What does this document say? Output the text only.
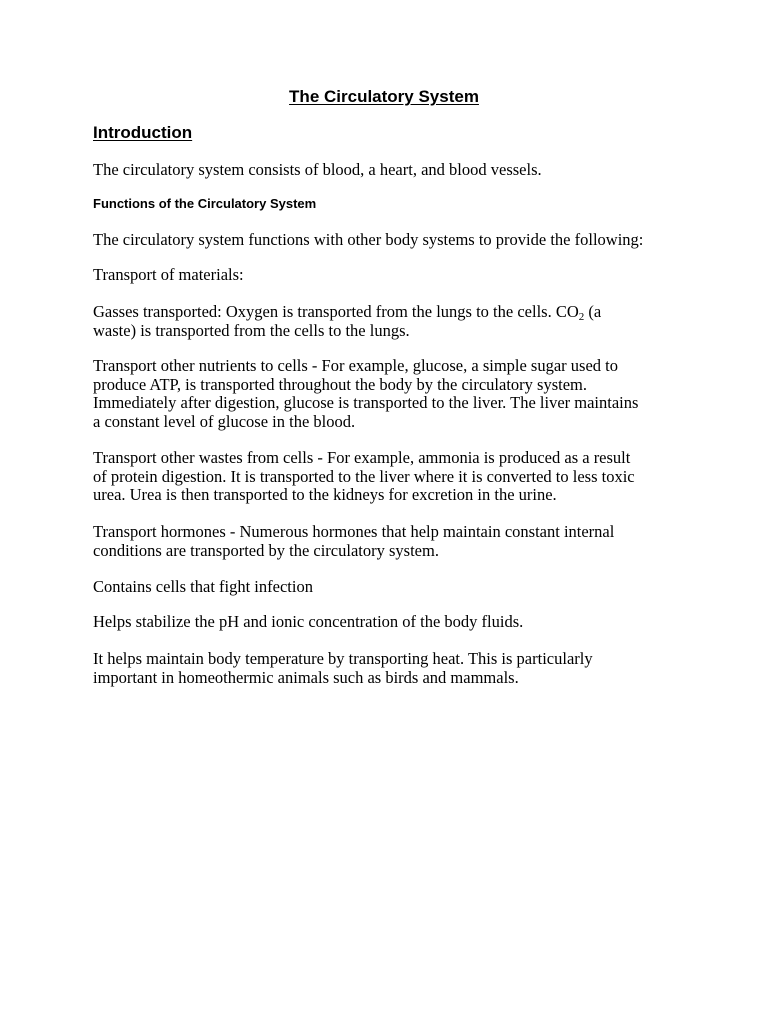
The Circulatory System
Introduction

The circulatory system consists of blood, a heart, and blood vessels.

Functions of the Circulatory System

The circulatory system functions with other body systems to provide the following:

Transport of materials:

Gasses transported: Oxygen is transported from the lungs to the cells. $CO_2$ (a
waste) is transported from the cells to the lungs.

Transport other nutrients to cells - For example, glucose, a simple sugar used to
produce ATP, is transported throughout the body by the circulatory system.
Immediately after digestion, glucose is transported to the liver. The liver maintains
a constant level of glucose in the blood.

Transport other wastes from cells - For example, ammonia is produced as a result
of protein digestion. It is transported to the liver where it is converted to less toxic
urea. Urea is then transported to the kidneys for excretion in the urine.

Transport hormones - Numerous hormones that help maintain constant internal
conditions are transported by the circulatory system.

Contains cells that fight infection

Helps stabilize the pH and ionic concentration of the body fluids.

It helps maintain body temperature by transporting heat. This is particularly
important in homeothermic animals such as birds and mammals.
